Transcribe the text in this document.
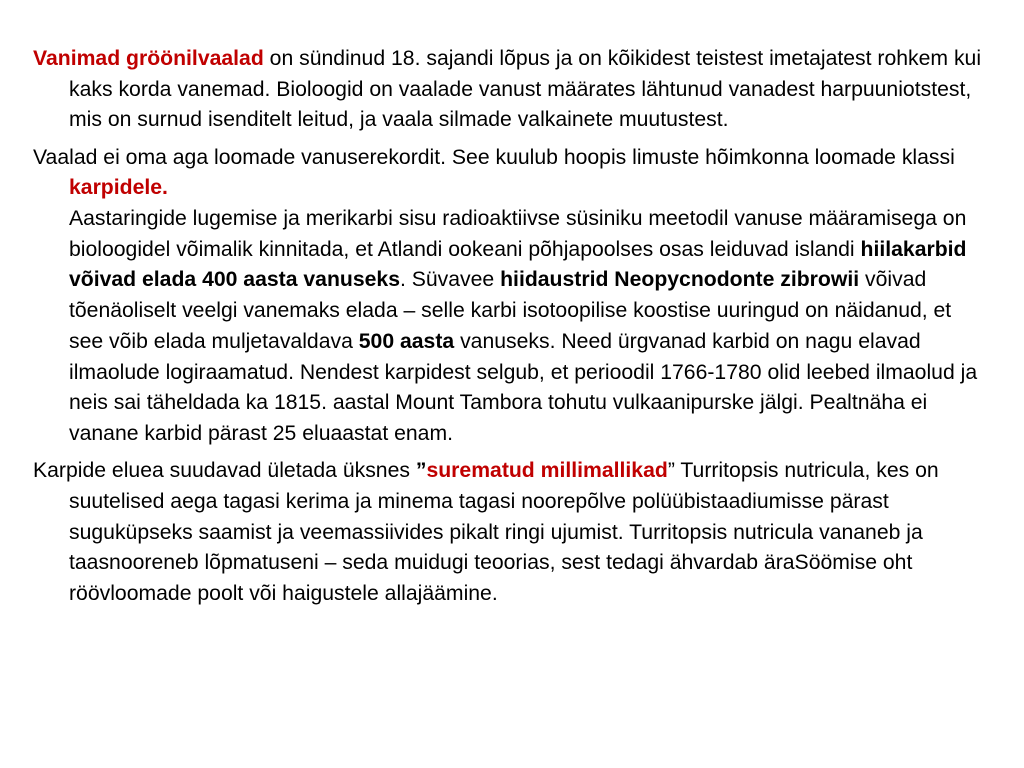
Vanimad gröönilvaalad on sündinud 18. sajandi lõpus ja on kõikidest teistest imetajatest rohkem kui kaks korda vanemad. Bioloogid on vaalade vanust määrates lähtunud vanadest harpuuniotstest, mis on surnud isenditelt leitud, ja vaala silmade valkainete muutustest.

Vaalad ei oma aga loomade vanuserekordit. See kuulub hoopis limuste hõimkonna loomade klassi karpidele.
Aastaringide lugemise ja merikarbi sisu radioaktiivse süsiniku meetodil vanuse määramisega on bioloogidel võimalik kinnitada, et Atlandi ookeani põhjapoolses osas leiduvad islandi hiilakarbid võivad elada 400 aasta vanuseks. Süvavee hiidaustrid Neopycnodonte zibrowii võivad tõenäoliselt veelgi vanemaks elada – selle karbi isotoopilise koostise uuringud on näidanud, et see võib elada muljetavaldava 500 aasta vanuseks. Need ürgvanad karbid on nagu elavad ilmaolude logiraamatud. Nendest karpidest selgub, et perioodil 1766-1780 olid leebed ilmaolud ja neis sai täheldada ka 1815. aastal Mount Tambora tohutu vulkaanipurske jälgi. Pealtnäha ei vanane karbid pärast 25 eluaastat enam.

Karpide eluea suudavad ületada üksnes ”surematud millimallikad” Turritopsis nutricula, kes on suutelised aega tagasi kerima ja minema tagasi noorepõlve polüübistaadiumisse pärast suguküpseks saamist ja veemassiivides pikalt ringi ujumist. Turritopsis nutricula vananeb ja taasnooreneb lõpmatuseni – seda muidugi teoorias, sest tedagi ähvardab äraSöömise oht röövloomade poolt või haigustele allajäämine.
